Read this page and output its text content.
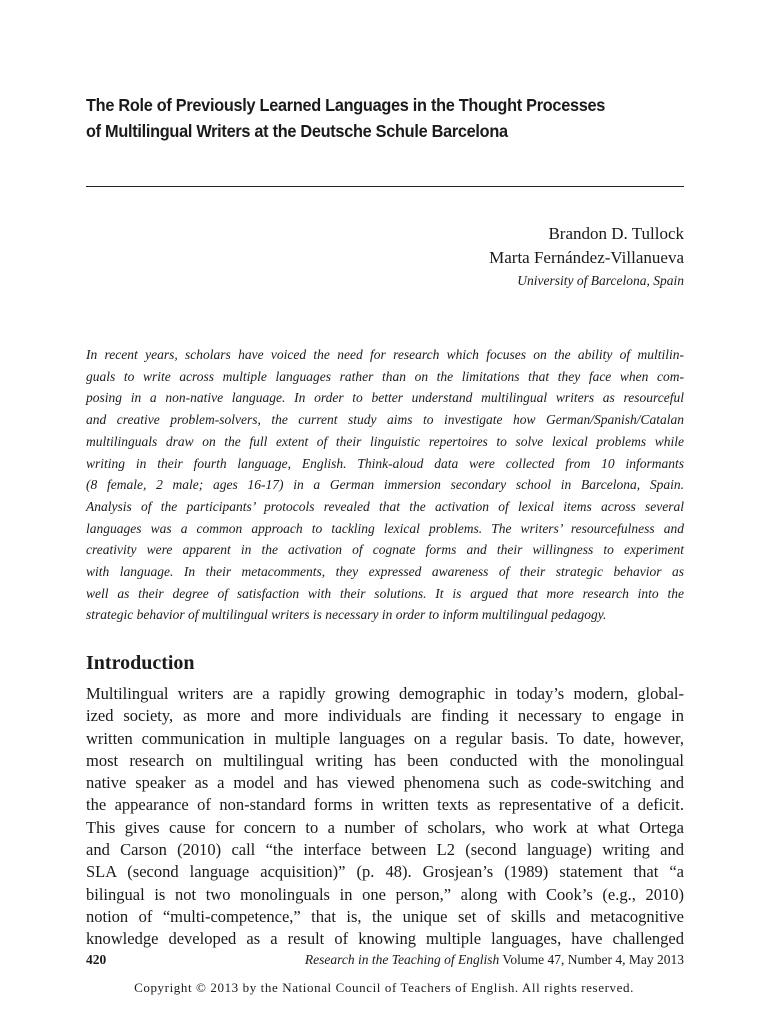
The Role of Previously Learned Languages in the Thought Processes
of Multilingual Writers at the Deutsche Schule Barcelona
Brandon D. Tullock
Marta Fernández-Villanueva
University of Barcelona, Spain

In recent years, scholars have voiced the need for research which focuses on the ability of multilin-
guals to write across multiple languages rather than on the limitations that they face when com-
posing in a non-native language. In order to better understand multilingual writers as resourceful
and creative problem-solvers, the current study aims to investigate how German/Spanish/Catalan
multilinguals draw on the full extent of their linguistic repertoires to solve lexical problems while
writing in their fourth language, English. Think-aloud data were collected from 10 informants
(8 female, 2 male; ages 16-17) in a German immersion secondary school in Barcelona, Spain.
Analysis of the participants’ protocols revealed that the activation of lexical items across several
languages was a common approach to tackling lexical problems. The writers’ resourcefulness and
creativity were apparent in the activation of cognate forms and their willingness to experiment
with language. In their metacomments, they expressed awareness of their strategic behavior as
well as their degree of satisfaction with their solutions. It is argued that more research into the
strategic behavior of multilingual writers is necessary in order to inform multilingual pedagogy.

Introduction

Multilingual writers are a rapidly growing demographic in today’s modern, global-
ized society, as more and more individuals are finding it necessary to engage in
written communication in multiple languages on a regular basis. To date, however,
most research on multilingual writing has been conducted with the monolingual
native speaker as a model and has viewed phenomena such as code-switching and
the appearance of non-standard forms in written texts as representative of a deficit.
This gives cause for concern to a number of scholars, who work at what Ortega
and Carson (2010) call “the interface between L2 (second language) writing and
SLA (second language acquisition)” (p. 48). Grosjean’s (1989) statement that “a
bilingual is not two monolinguals in one person,” along with Cook’s (e.g., 2010)
notion of “multi-competence,” that is, the unique set of skills and metacognitive
knowledge developed as a result of knowing multiple languages, have challenged

420	Research in the Teaching of English Volume 47, Number 4, May 2013
Copyright © 2013 by the National Council of Teachers of English. All rights reserved.
